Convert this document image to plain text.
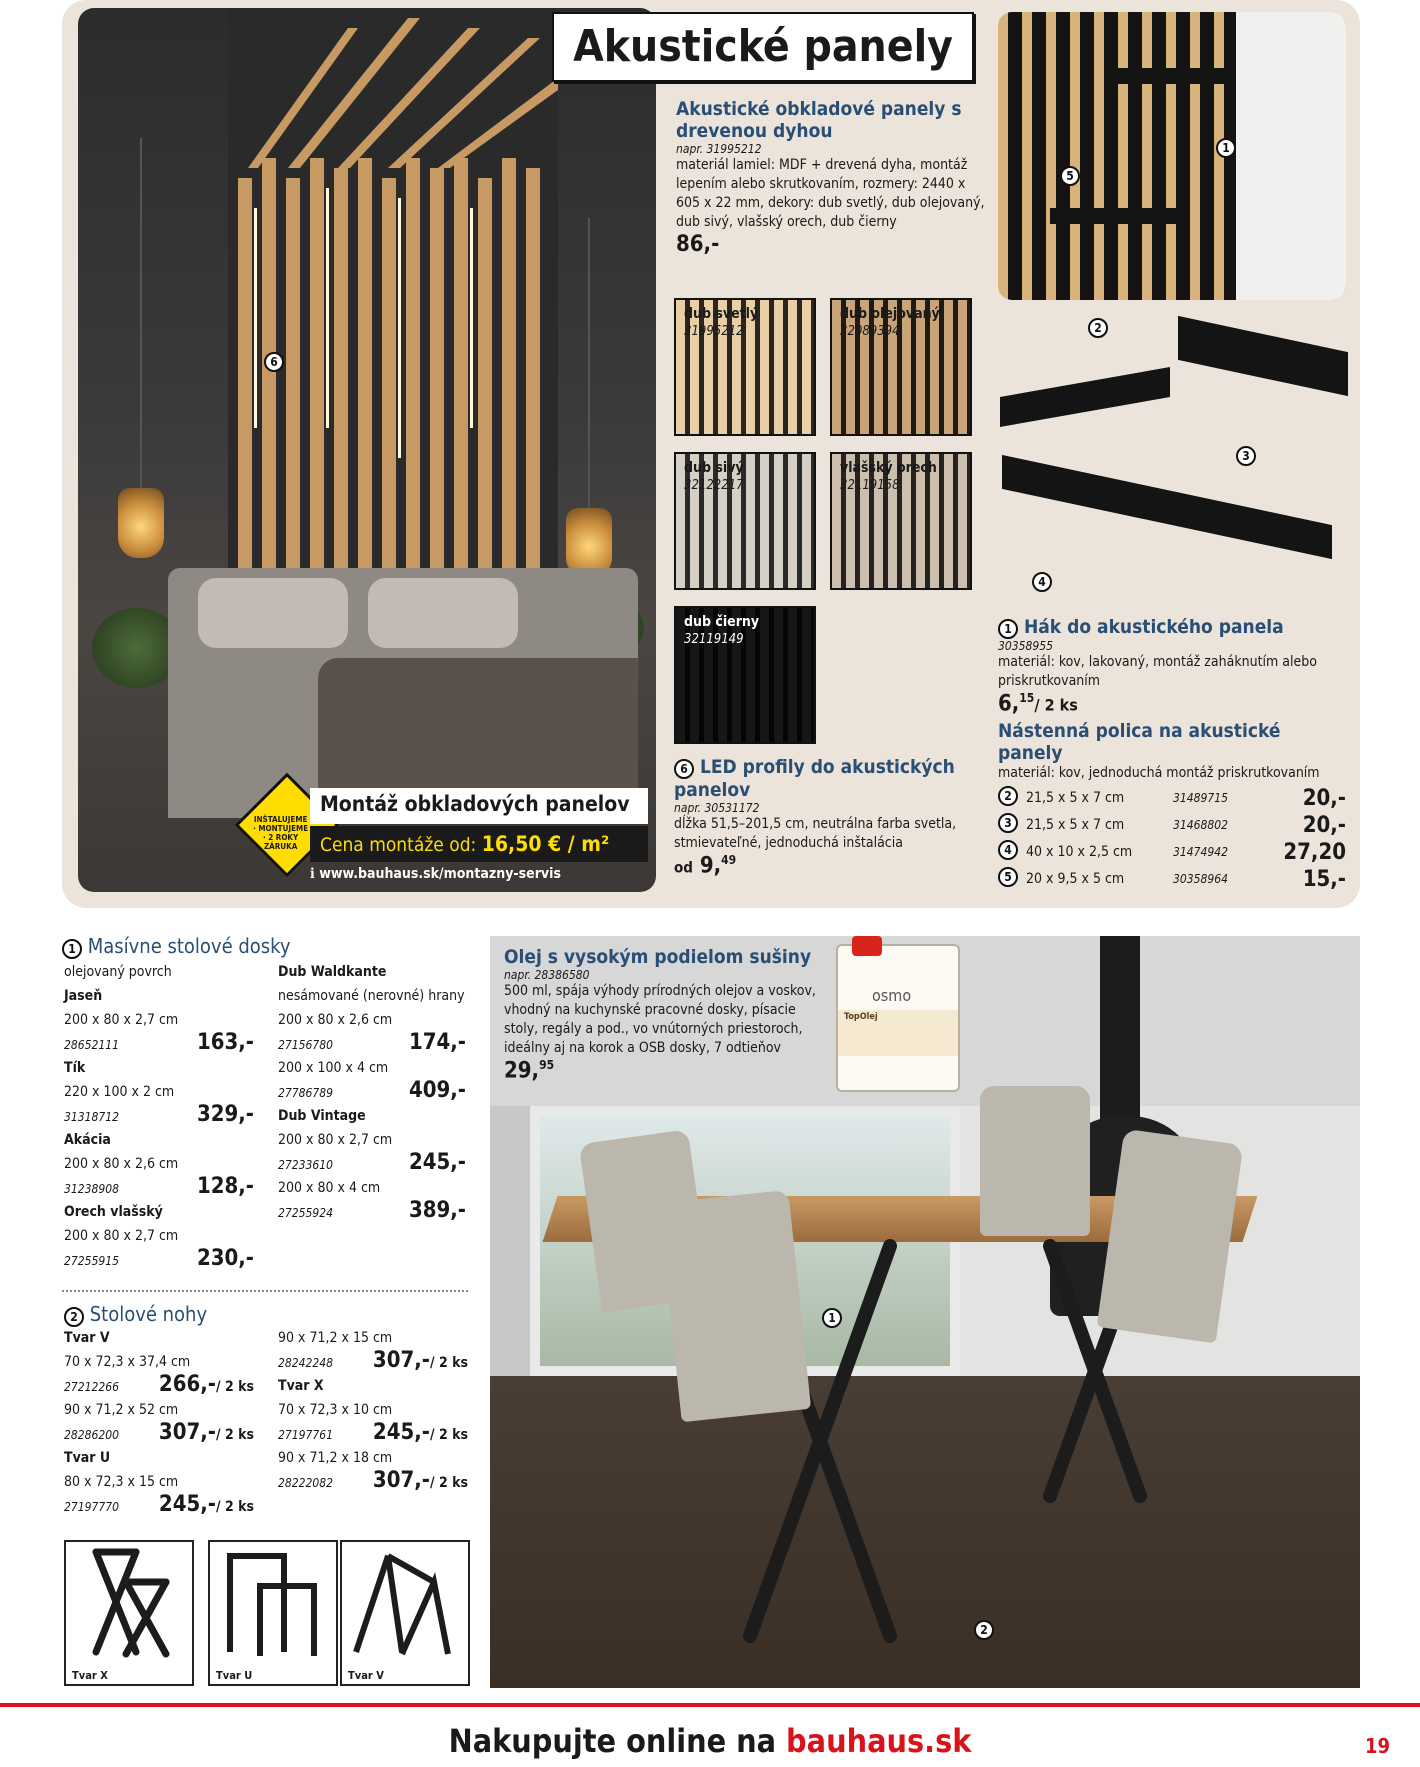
6
INŠTALUJEME · MONTUJEME · 2 ROKY ZÁRUKA
Montáž obkladových panelov
Cena montáže od: 16,50 € / m²
ℹ www.bauhaus.sk/montazny-servis
Akustické panely
Akustické obkladové panely s drevenou dyhou
napr. 31995212
materiál lamiel: MDF + drevená dyha, montáž lepením alebo skrutkovaním, rozmery: 2440 x 605 x 22 mm, dekory: dub svetlý, dub olejovaný, dub sivý, vlašský orech, dub čierny
86,-
dub svetlý
31995212
dub olejovaný
32089394
dub sivý
32122217
vlašský orech
32119158
dub čierny
32119149
1
5
2
3
4
1 Hák do akustického panela
30358955
materiál: kov, lakovaný, montáž zaháknutím alebo priskrutkovaním
6,15/ 2 ks
Nástenná polica na akustické panely
materiál: kov, jednoduchá montáž priskrutkovaním
2 21,5 x 5 x 7 cm	31489715	20,-
3 21,5 x 5 x 7 cm	31468802	20,-
4 40 x 10 x 2,5 cm	31474942	27,20
5 20 x 9,5 x 5 cm	30358964	15,-
6 LED profily do akustických panelov
napr. 30531172
dĺžka 51,5–201,5 cm, neutrálna farba svetla, stmievateľné, jednoduchá inštalácia
od 9,49
1 Masívne stolové dosky
olejovaný povrch
Jaseň
200 x 80 x 2,7 cm
28652111	163,-
Tík
220 x 100 x 2 cm
31318712	329,-
Akácia
200 x 80 x 2,6 cm
31238908	128,-
Orech vlašský
200 x 80 x 2,7 cm
27255915	230,-
Dub Waldkante
nesámované (nerovné) hrany
200 x 80 x 2,6 cm
27156780	174,-
200 x 100 x 4 cm
27786789	409,-
Dub Vintage
200 x 80 x 2,7 cm
27233610	245,-
200 x 80 x 4 cm
27255924	389,-
2 Stolové nohy
Tvar V
70 x 72,3 x 37,4 cm
27212266 266,-/ 2 ks
90 x 71,2 x 52 cm
28286200 307,-/ 2 ks
Tvar U
80 x 72,3 x 15 cm
27197770 245,-/ 2 ks
90 x 71,2 x 15 cm
28242248 307,-/ 2 ks
Tvar X
70 x 72,3 x 10 cm
27197761 245,-/ 2 ks
90 x 71,2 x 18 cm
28222082 307,-/ 2 ks
Tvar X	Tvar U	Tvar V
1
2
Olej s vysokým podielom sušiny
napr. 28386580
500 ml, spája výhody prírodných olejov a voskov, vhodný na kuchynské pracovné dosky, písacie stoly, regály a pod., vo vnútorných priestoroch, ideálny aj na korok a OSB dosky, 7 odtieňov
29,95
osmo
TopOlej
Nakupujte online na bauhaus.sk	19
